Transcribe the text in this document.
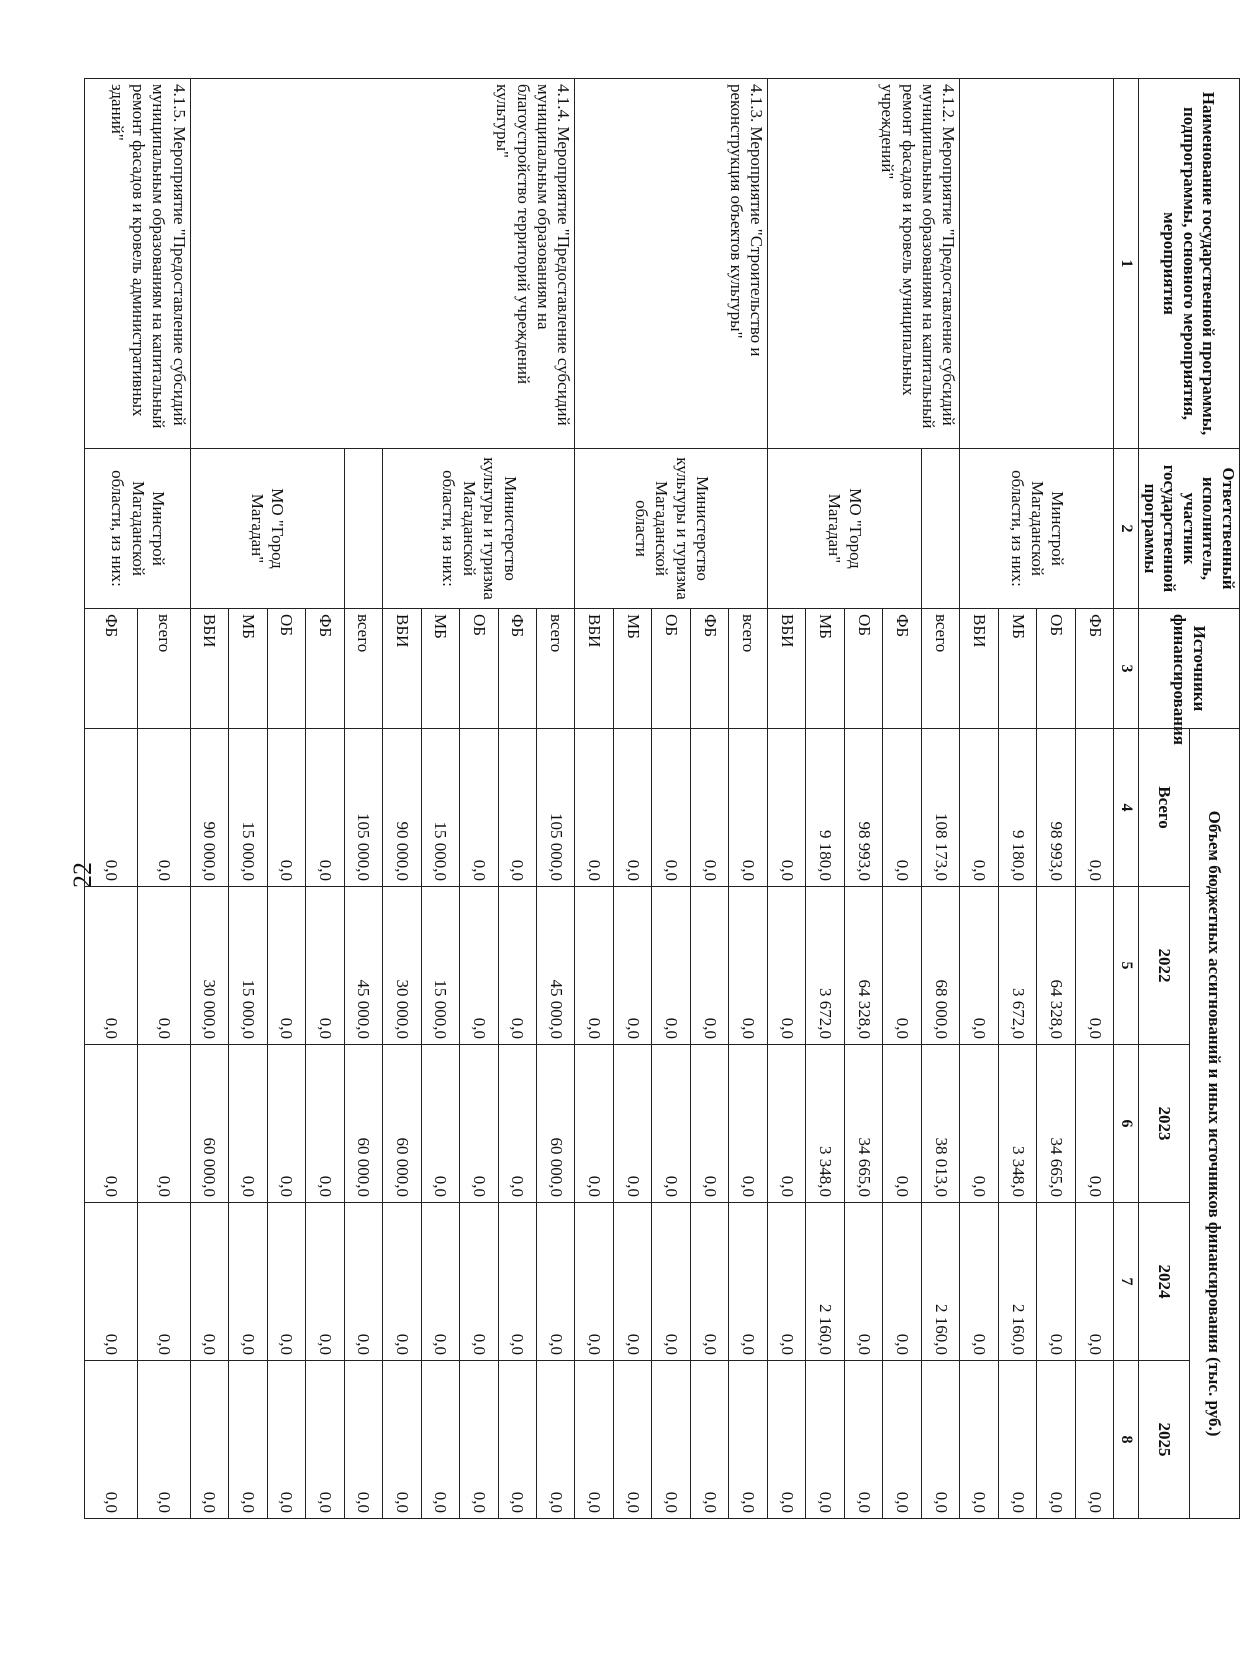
22
Наименование государственной программы, подпрограммы, основного мероприятия, мероприятия	Ответственный исполнитель, участник государственной программы	Источники финансирования	Объем бюджетных ассигнований и иных источников финансирования (тыс. руб.)				
			Всего	2022	2023	2024	2025
1	2	3	4	5	6	7	8
	Минстрой Магаданской области, из них:	ФБ	0,0	0,0	0,0	0,0	0,0
		ОБ	98 993,0	64 328,0	34 665,0	0,0	0,0
		МБ	9 180,0	3 672,0	3 348,0	2 160,0	0,0
		ВБИ	0,0	0,0	0,0	0,0	0,0
4.1.2. Мероприятие "Предоставление субсидий муниципальным образованиям на капитальный ремонт фасадов и кровель муниципальных учреждений"		всего	108 173,0	68 000,0	38 013,0	2 160,0	0,0
	МО "Город Магадан"	ФБ	0,0	0,0	0,0	0,0	0,0
		ОБ	98 993,0	64 328,0	34 665,0	0,0	0,0
		МБ	9 180,0	3 672,0	3 348,0	2 160,0	0,0
		ВБИ	0,0	0,0	0,0	0,0	0,0
4.1.3. Мероприятие "Строительство и реконструкция объектов культуры"	Министерство культуры и туризма Магаданской области	всего	0,0	0,0	0,0	0,0	0,0
		ФБ	0,0	0,0	0,0	0,0	0,0
		ОБ	0,0	0,0	0,0	0,0	0,0
		МБ	0,0	0,0	0,0	0,0	0,0
		ВБИ	0,0	0,0	0,0	0,0	0,0
4.1.4. Мероприятие "Предоставление субсидий муниципальным образованиям на благоустройство территорий учреждений культуры"	Министерство культуры и туризма Магаданской области, из них:	всего	105 000,0	45 000,0	60 000,0	0,0	0,0
		ФБ	0,0	0,0	0,0	0,0	0,0
		ОБ	0,0	0,0	0,0	0,0	0,0
		МБ	15 000,0	15 000,0	0,0	0,0	0,0
		ВБИ	90 000,0	30 000,0	60 000,0	0,0	0,0
		всего	105 000,0	45 000,0	60 000,0	0,0	0,0
	МО "Город Магадан"	ФБ	0,0	0,0	0,0	0,0	0,0
		ОБ	0,0	0,0	0,0	0,0	0,0
		МБ	15 000,0	15 000,0	0,0	0,0	0,0
		ВБИ	90 000,0	30 000,0	60 000,0	0,0	0,0
4.1.5. Мероприятие "Предоставление субсидий муниципальным образованиям на капитальный ремонт фасадов и кровель административных зданий"	Минстрой Магаданской области, из них:	всего	0,0	0,0	0,0	0,0	0,0
		ФБ	0,0	0,0	0,0	0,0	0,0
